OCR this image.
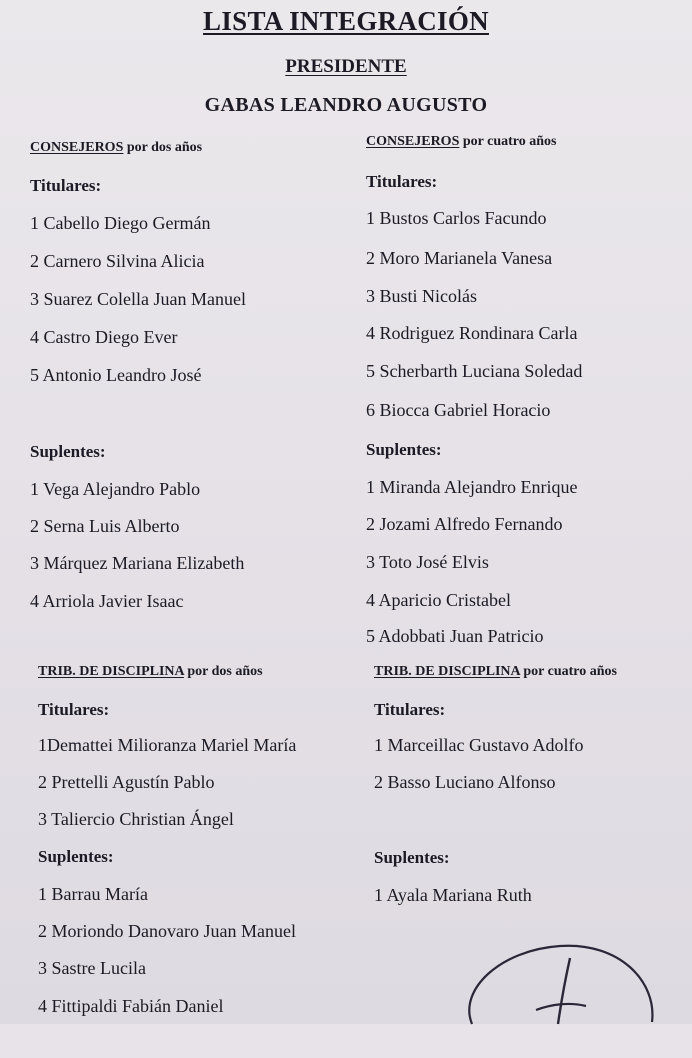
LISTA INTEGRACIÓN
PRESIDENTE
GABAS LEANDRO AUGUSTO
CONSEJEROS por dos años
Titulares:
1 Cabello Diego Germán
2 Carnero Silvina Alicia
3 Suarez Colella Juan Manuel
4 Castro Diego Ever
5 Antonio Leandro José
Suplentes:
1 Vega Alejandro Pablo
2 Serna Luis Alberto
3 Márquez Mariana Elizabeth
4 Arriola Javier Isaac
CONSEJEROS por cuatro años
Titulares:
1 Bustos Carlos Facundo
2 Moro Marianela Vanesa
3 Busti Nicolás
4 Rodriguez Rondinara Carla
5 Scherbarth Luciana Soledad
6 Biocca Gabriel Horacio
Suplentes:
1 Miranda Alejandro Enrique
2 Jozami Alfredo Fernando
3 Toto José Elvis
4 Aparicio Cristabel
5 Adobbati Juan Patricio
TRIB. DE DISCIPLINA por dos años
Titulares:
1Demattei Milioranza Mariel María
2 Prettelli Agustín Pablo
3 Taliercio Christian Ángel
Suplentes:
1 Barrau María
2 Moriondo Danovaro Juan Manuel
3 Sastre Lucila
4 Fittipaldi Fabián Daniel
TRIB. DE DISCIPLINA por cuatro años
Titulares:
1 Marceillac Gustavo Adolfo
2 Basso Luciano Alfonso
Suplentes:
1 Ayala Mariana Ruth
